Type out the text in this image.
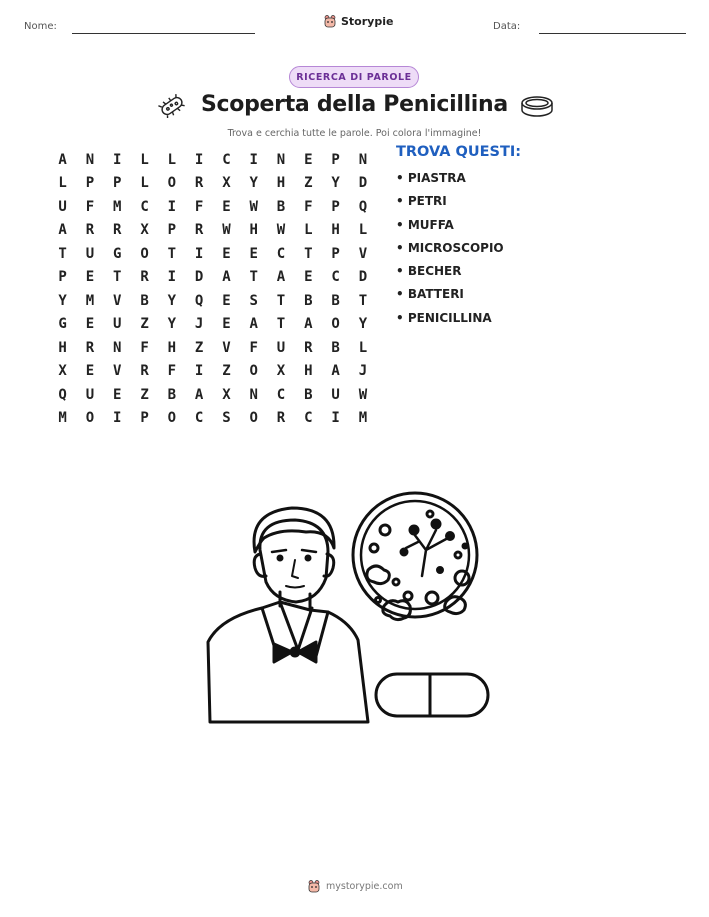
Nome:	Storypie	Data:
RICERCA DI PAROLE
Scoperta della Penicillina
Trova e cerchia tutte le parole. Poi colora l'immagine!
A	N	I	L	L	I	C	I	N	E	P	N
L	P	P	L	O	R	X	Y	H	Z	Y	D
U	F	M	C	I	F	E	W	B	F	P	Q
A	R	R	X	P	R	W	H	W	L	H	L
T	U	G	O	T	I	E	E	C	T	P	V
P	E	T	R	I	D	A	T	A	E	C	D
Y	M	V	B	Y	Q	E	S	T	B	B	T
G	E	U	Z	Y	J	E	A	T	A	O	Y
H	R	N	F	H	Z	V	F	U	R	B	L
X	E	V	R	F	I	Z	O	X	H	A	J
Q	U	E	Z	B	A	X	N	C	B	U	W
M	O	I	P	O	C	S	O	R	C	I	M
TROVA QUESTI:
• PIASTRA
• PETRI
• MUFFA
• MICROSCOPIO
• BECHER
• BATTERI
• PENICILLINA
mystorypie.com
